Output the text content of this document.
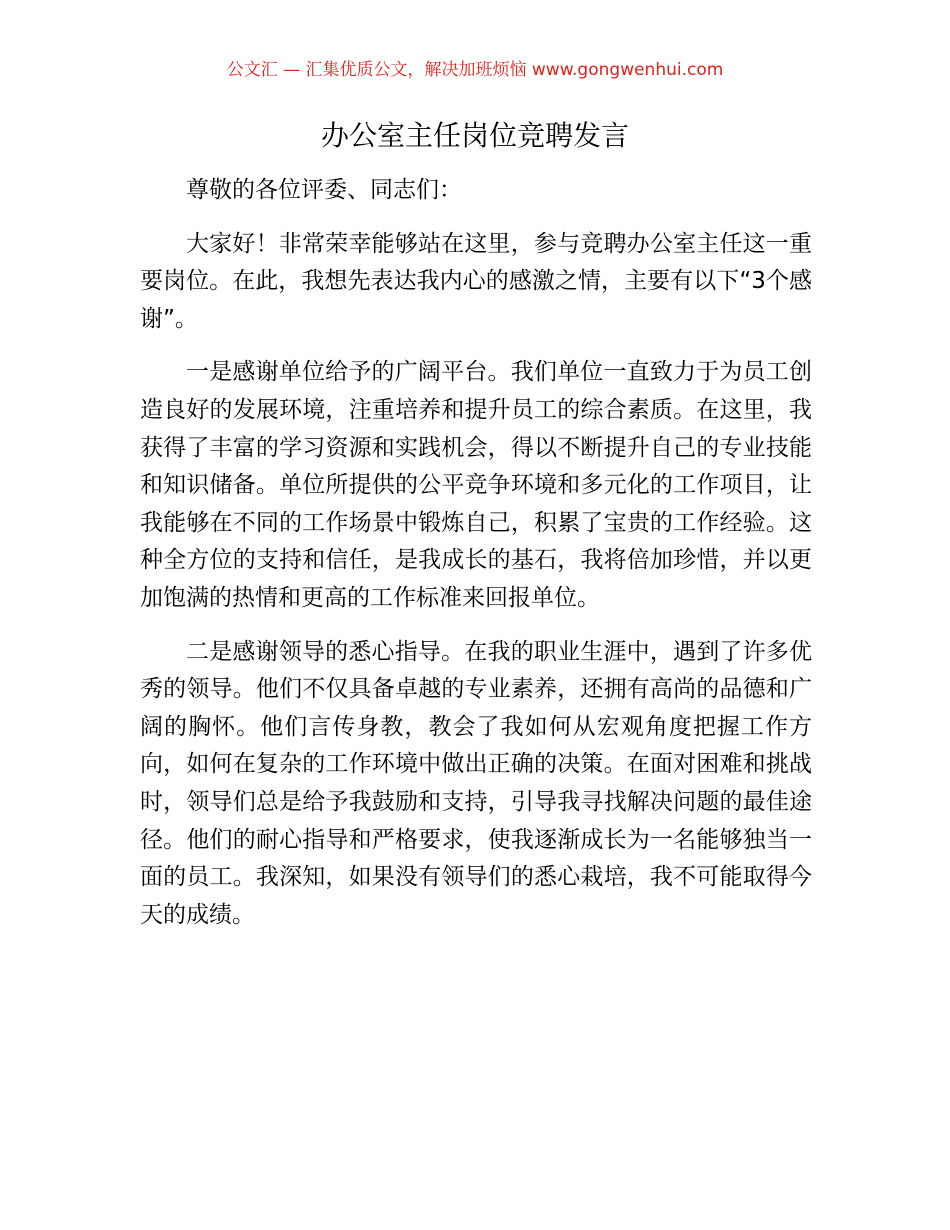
公文汇 — 汇集优质公文，解决加班烦恼 www.gongwenhui.com
办公室主任岗位竞聘发言

尊敬的各位评委、同志们：

大家好！非常荣幸能够站在这里，参与竞聘办公室主任这一重要岗位。在此，我想先表达我内心的感激之情，主要有以下“3个感谢”。

一是感谢单位给予的广阔平台。我们单位一直致力于为员工创造良好的发展环境，注重培养和提升员工的综合素质。在这里，我获得了丰富的学习资源和实践机会，得以不断提升自己的专业技能和知识储备。单位所提供的公平竞争环境和多元化的工作项目，让我能够在不同的工作场景中锻炼自己，积累了宝贵的工作经验。这种全方位的支持和信任，是我成长的基石，我将倍加珍惜，并以更加饱满的热情和更高的工作标准来回报单位。

二是感谢领导的悉心指导。在我的职业生涯中，遇到了许多优秀的领导。他们不仅具备卓越的专业素养，还拥有高尚的品德和广阔的胸怀。他们言传身教，教会了我如何从宏观角度把握工作方向，如何在复杂的工作环境中做出正确的决策。在面对困难和挑战时，领导们总是给予我鼓励和支持，引导我寻找解决问题的最佳途径。他们的耐心指导和严格要求，使我逐渐成长为一名能够独当一面的员工。我深知，如果没有领导们的悉心栽培，我不可能取得今天的成绩。
